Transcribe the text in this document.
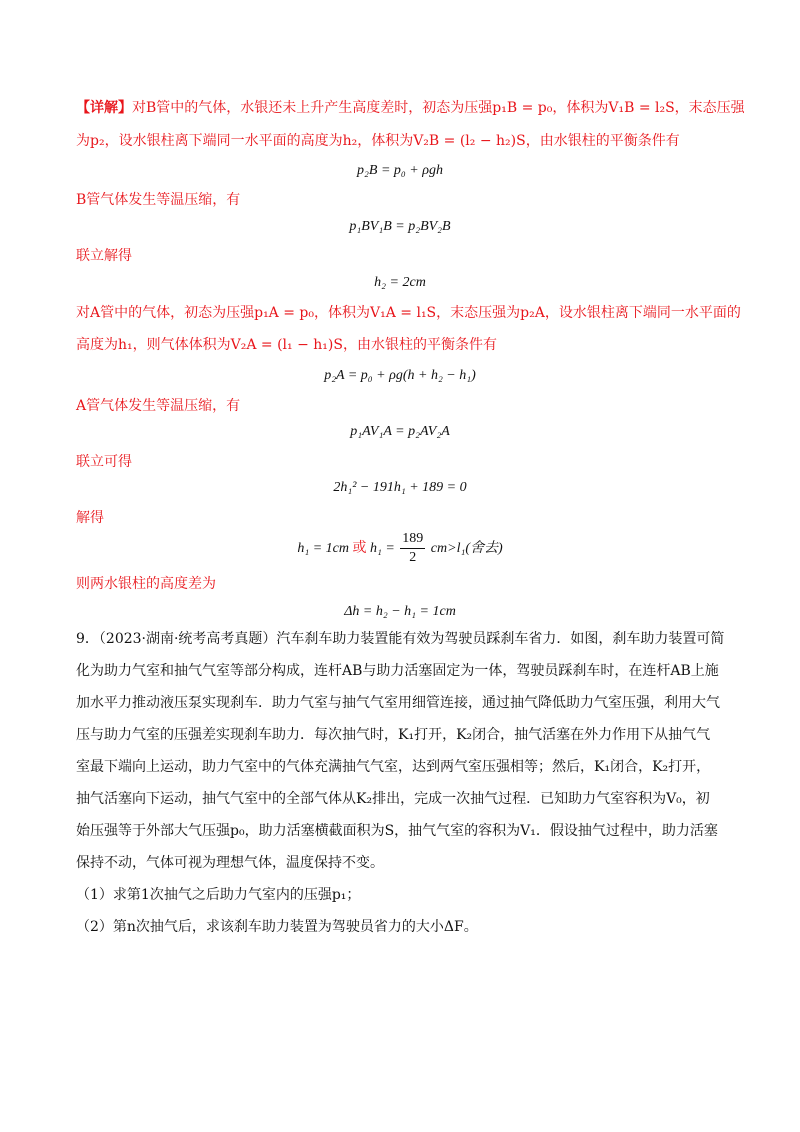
【详解】对B管中的气体，水银还未上升产生高度差时，初态为压强p₁B = p₀，体积为V₁B = l₂S，末态压强
为p₂，设水银柱离下端同一水平面的高度为h₂，体积为V₂B = (l₂ − h₂)S，由水银柱的平衡条件有
p₂B = p₀ + ρgh
B管气体发生等温压缩，有
p₁BV₁B = p₂BV₂B
联立解得
h₂ = 2cm
对A管中的气体，初态为压强p₁A = p₀，体积为V₁A = l₁S，末态压强为p₂A，设水银柱离下端同一水平面的
高度为h₁，则气体体积为V₂A = (l₁ − h₁)S，由水银柱的平衡条件有
p₂A = p₀ + ρg(h + h₂ − h₁)
A管气体发生等温压缩，有
p₁AV₁A = p₂AV₂A
联立可得
2h₁² − 191h₁ + 189 = 0
解得
h₁ = 1cm 或 $h_1 = \frac{189}{2} cm>l_1$(舍去)
则两水银柱的高度差为
Δh = h₂ − h₁ = 1cm
9．（2023·湖南·统考高考真题）汽车刹车助力装置能有效为驾驶员踩刹车省力．如图，刹车助力装置可简
化为助力气室和抽气气室等部分构成，连杆AB与助力活塞固定为一体，驾驶员踩刹车时，在连杆AB上施
加水平力推动液压泵实现刹车．助力气室与抽气气室用细管连接，通过抽气降低助力气室压强，利用大气
压与助力气室的压强差实现刹车助力．每次抽气时，K₁打开，K₂闭合，抽气活塞在外力作用下从抽气气
室最下端向上运动，助力气室中的气体充满抽气气室，达到两气室压强相等；然后，K₁闭合，K₂打开，
抽气活塞向下运动，抽气气室中的全部气体从K₂排出，完成一次抽气过程．已知助力气室容积为V₀，初
始压强等于外部大气压强p₀，助力活塞横截面积为S，抽气气室的容积为V₁．假设抽气过程中，助力活塞
保持不动，气体可视为理想气体，温度保持不变。
（1）求第1次抽气之后助力气室内的压强p₁；
（2）第n次抽气后，求该刹车助力装置为驾驶员省力的大小ΔF。
